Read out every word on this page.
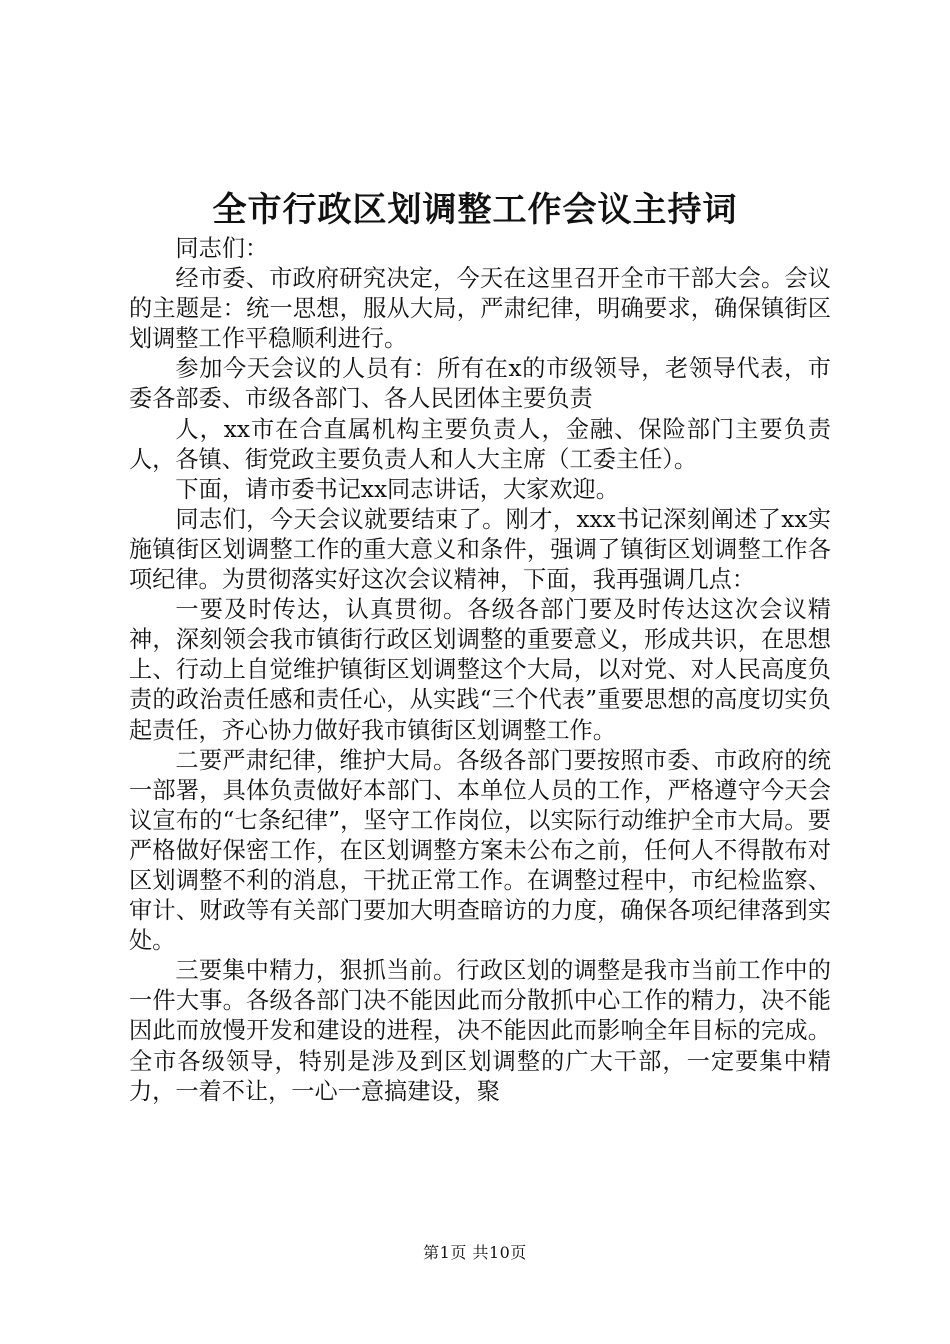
全市行政区划调整工作会议主持词

同志们：

经市委、市政府研究决定，今天在这里召开全市干部大会。会议的主题是：统一思想，服从大局，严肃纪律，明确要求，确保镇街区划调整工作平稳顺利进行。

参加今天会议的人员有：所有在x的市级领导，老领导代表，市委各部委、市级各部门、各人民团体主要负责

人，xx市在合直属机构主要负责人，金融、保险部门主要负责人，各镇、街党政主要负责人和人大主席（工委主任）。

下面，请市委书记xx同志讲话，大家欢迎。

同志们，今天会议就要结束了。刚才，xxx书记深刻阐述了xx实施镇街区划调整工作的重大意义和条件，强调了镇街区划调整工作各项纪律。为贯彻落实好这次会议精神，下面，我再强调几点：

一要及时传达，认真贯彻。各级各部门要及时传达这次会议精神，深刻领会我市镇街行政区划调整的重要意义，形成共识，在思想上、行动上自觉维护镇街区划调整这个大局，以对党、对人民高度负责的政治责任感和责任心，从实践“三个代表”重要思想的高度切实负起责任，齐心协力做好我市镇街区划调整工作。

二要严肃纪律，维护大局。各级各部门要按照市委、市政府的统一部署，具体负责做好本部门、本单位人员的工作，严格遵守今天会议宣布的“七条纪律”，坚守工作岗位，以实际行动维护全市大局。要严格做好保密工作，在区划调整方案未公布之前，任何人不得散布对区划调整不利的消息，干扰正常工作。在调整过程中，市纪检监察、审计、财政等有关部门要加大明查暗访的力度，确保各项纪律落到实处。

三要集中精力，狠抓当前。行政区划的调整是我市当前工作中的一件大事。各级各部门决不能因此而分散抓中心工作的精力，决不能因此而放慢开发和建设的进程，决不能因此而影响全年目标的完成。全市各级领导，特别是涉及到区划调整的广大干部，一定要集中精力，一着不让，一心一意搞建设，聚

第1页 共10页
